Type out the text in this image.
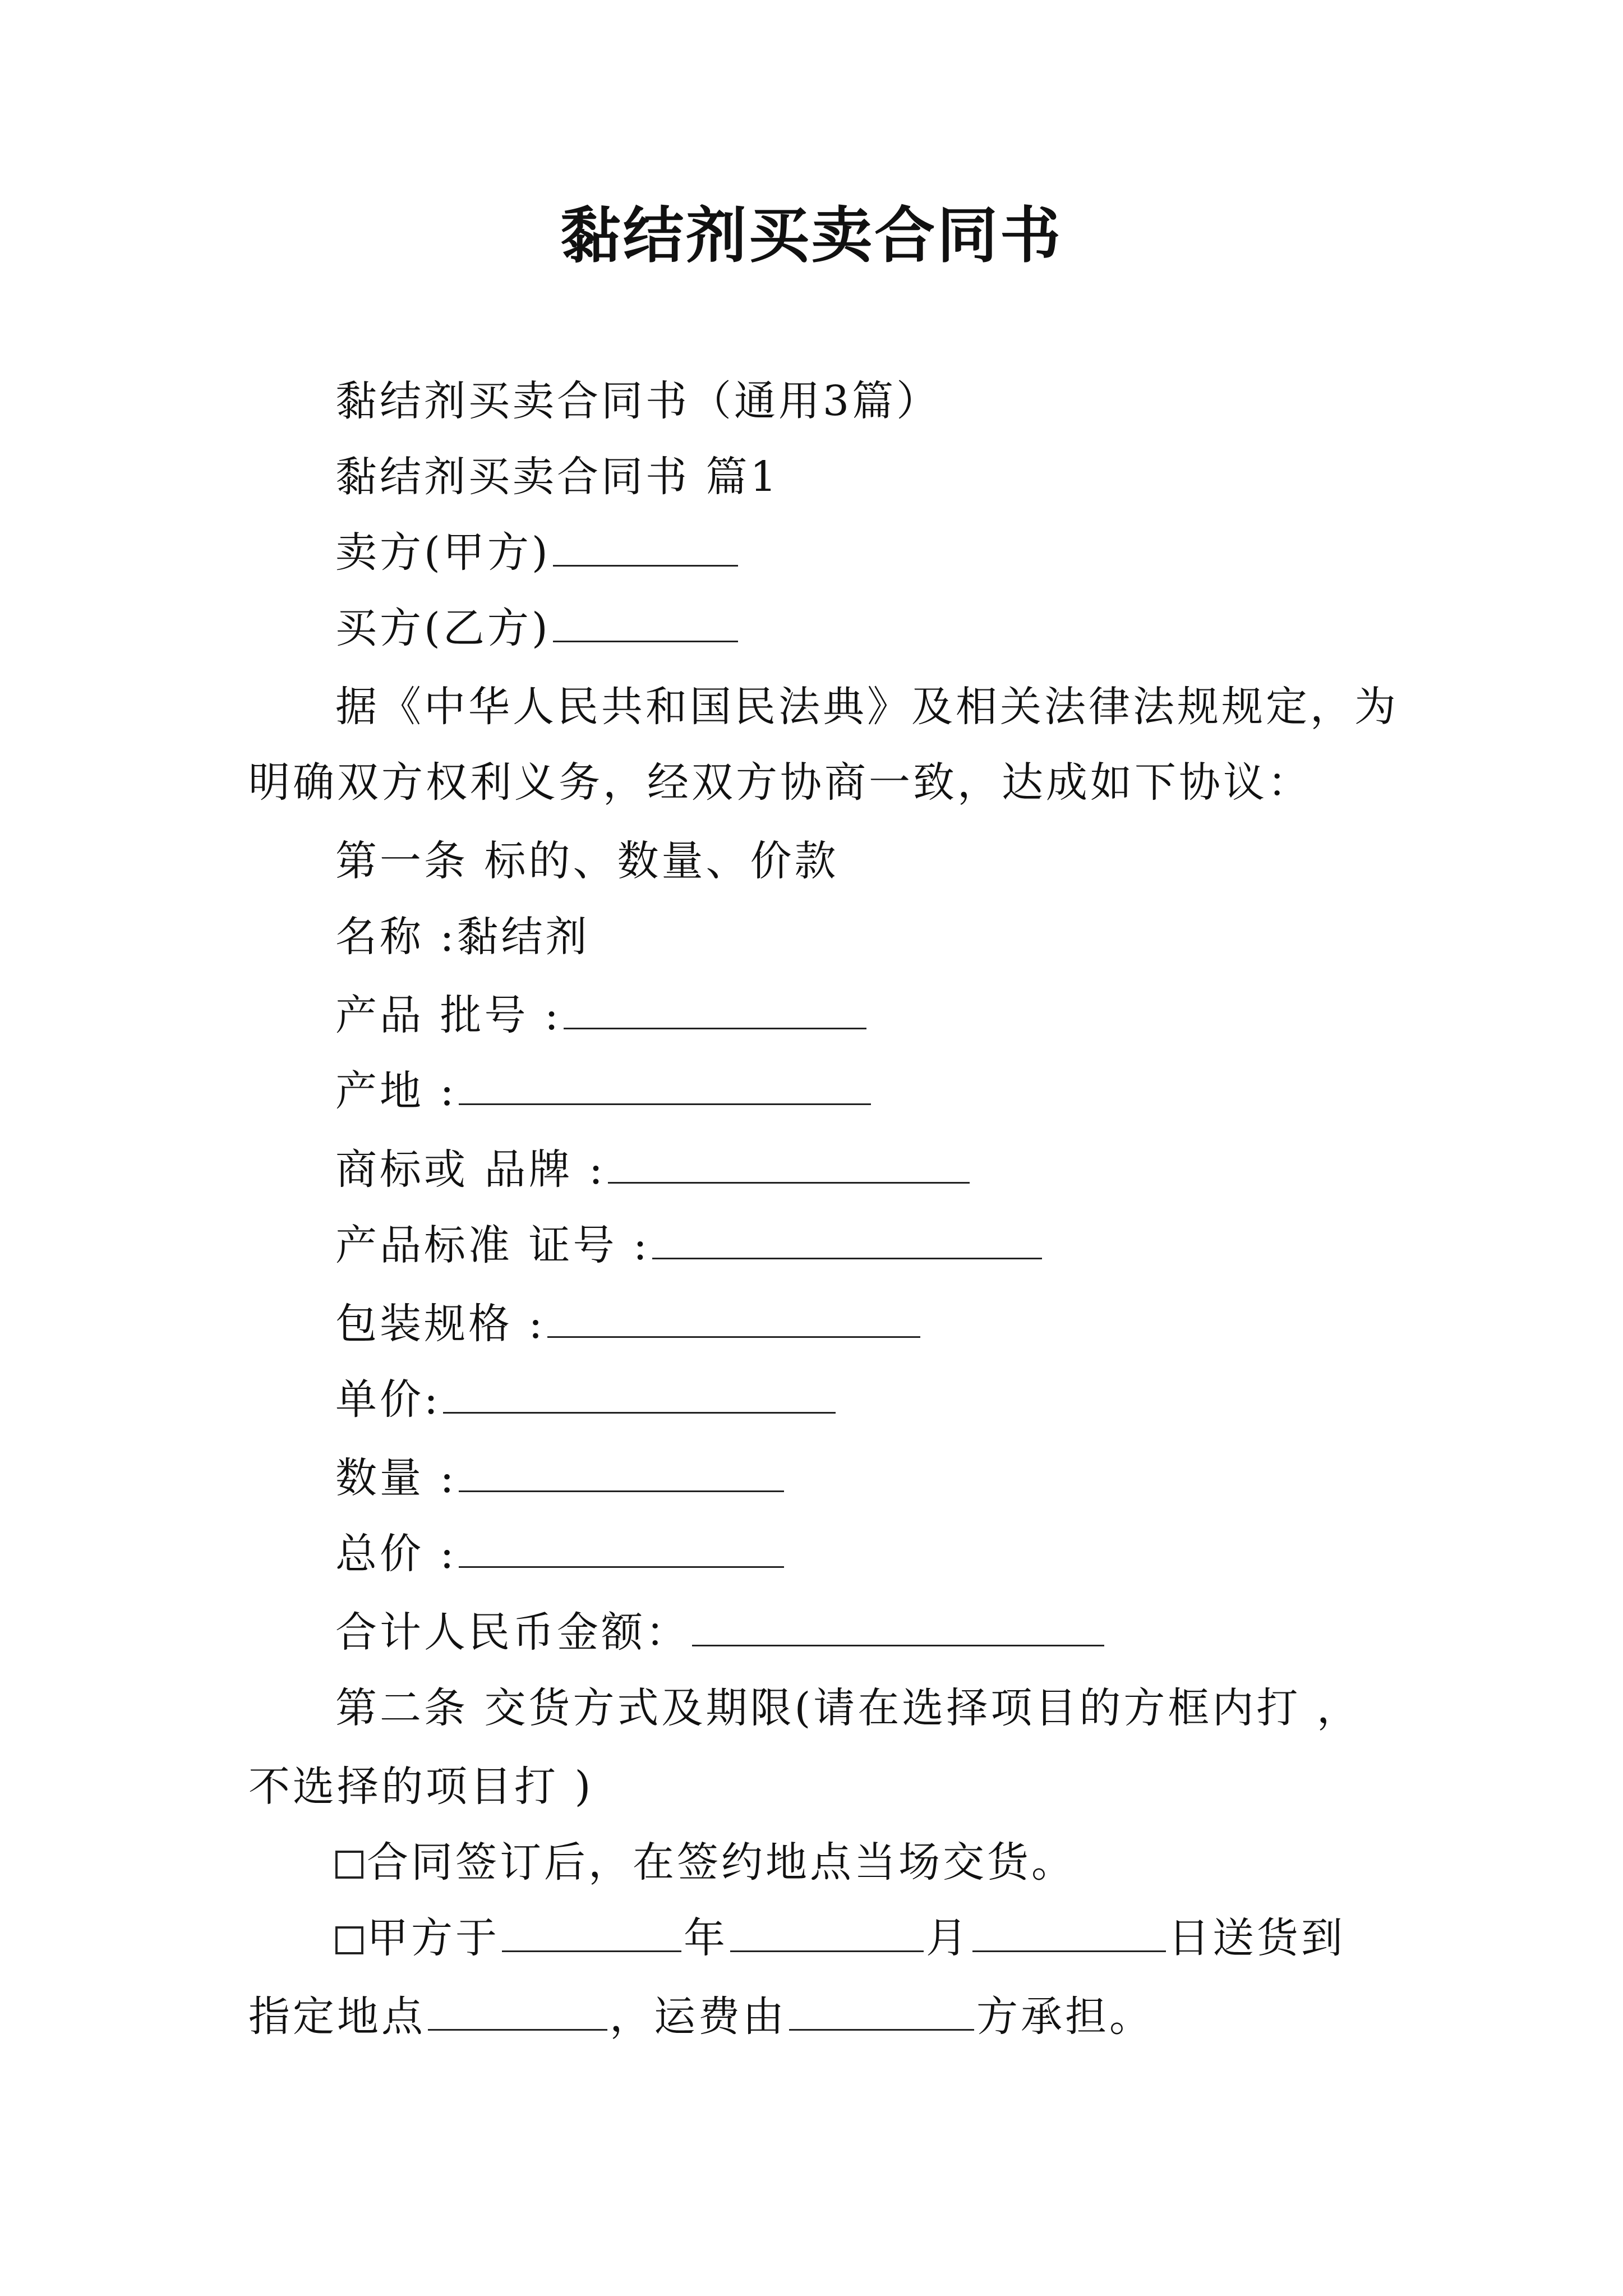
黏结剂买卖合同书
黏结剂买卖合同书（通用3篇）
黏结剂买卖合同书 篇1
卖方(甲方)
买方(乙方)
据《中华人民共和国民法典》及相关法律法规规定，为
明确双方权利义务，经双方协商一致，达成如下协议：
第一条 标的、数量、价款
名称 :黏结剂
产品 批号 :
产地 :
商标或 品牌 :
产品标准 证号 :
包装规格 :
单价:
数量 :
总价 :
合计人民币金额：
第二条 交货方式及期限(请在选择项目的方框内打 ，
不选择的项目打 )
合同签订后，在签约地点当场交货。
甲方于	年	月	日送货到
指定地点	，运费由	方承担。
